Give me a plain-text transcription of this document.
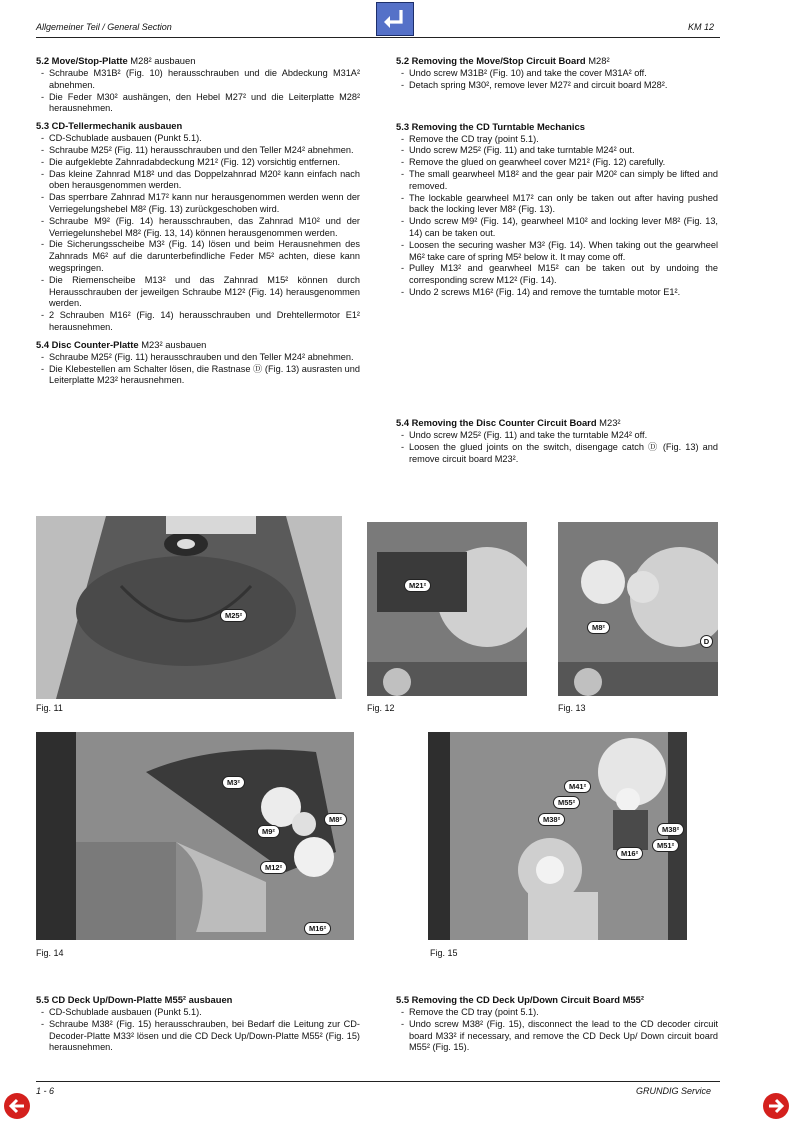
Allgemeiner Teil / General Section	KM 12
5.2 Move/Stop-Platte M28² ausbauen
- Schraube M31B² (Fig. 10) herausschrauben und die Abdeckung M31A² abnehmen.
- Die Feder M30² aushängen, den Hebel M27² und die Leiterplatte M28² herausnehmen.
5.3 CD-Tellermechanik ausbauen
- CD-Schublade ausbauen (Punkt 5.1).
- Schraube M25² (Fig. 11) herausschrauben und den Teller M24² abnehmen.
- Die aufgeklebte Zahnradabdeckung M21² (Fig. 12) vorsichtig entfernen.
- Das kleine Zahnrad M18² und das Doppelzahnrad M20² kann einfach nach oben herausgenommen werden.
- Das sperrbare Zahnrad M17² kann nur herausgenommen werden wenn der Verriegelungshebel M8² (Fig. 13) zurückgeschoben wird.
- Schraube M9² (Fig. 14) herausschrauben, das Zahnrad M10² und der Verriegelunshebel M8² (Fig. 13, 14) können herausgenommen werden.
- Die Sicherungsscheibe M3² (Fig. 14) lösen und beim Herausnehmen des Zahnrads M6² auf die darunterbefindliche Feder M5² achten, diese kann wegspringen.
- Die Riemenscheibe M13² und das Zahnrad M15² können durch Herausschrauben der jeweilgen Schraube M12² (Fig. 14) herausgenommen werden.
- 2 Schrauben M16² (Fig. 14) herausschrauben und Drehtellermotor E1² herausnehmen.
5.4 Disc Counter-Platte M23² ausbauen
- Schraube M25² (Fig. 11) herausschrauben und den Teller M24² abnehmen.
- Die Klebestellen am Schalter lösen, die Rastnase Ⓓ (Fig. 13) ausrasten und Leiterplatte M23² herausnehmen.
5.2 Removing the Move/Stop Circuit Board M28²
- Undo screw M31B² (Fig. 10) and take the cover M31A² off.
- Detach spring M30², remove lever M27² and circuit board M28².
5.3 Removing the CD Turntable Mechanics
- Remove the CD tray (point 5.1).
- Undo screw M25² (Fig. 11) and take turntable M24² out.
- Remove the glued on gearwheel cover M21² (Fig. 12) carefully.
- The small gearwheel M18² and the gear pair M20² can simply be lifted and removed.
- The lockable gearwheel M17² can only be taken out after having pushed back the locking lever M8² (Fig. 13).
- Undo screw M9² (Fig. 14), gearwheel M10² and locking lever M8² (Fig. 13, 14) can be taken out.
- Loosen the securing washer M3² (Fig. 14). When taking out the gearwheel M6² take care of spring M5² below it. It may come off.
- Pulley M13² and gearwheel M15² can be taken out by undoing the corresponding screw M12² (Fig. 14).
- Undo 2 screws M16² (Fig. 14) and remove the turntable motor E1².
5.4 Removing the Disc Counter Circuit Board M23²
- Undo screw M25² (Fig. 11) and take the turntable M24² off.
- Loosen the glued joints on the switch, disengage catch Ⓓ (Fig. 13) and remove circuit board M23².
M25²
Fig. 11
M21²
Fig. 12
M8²
D
Fig. 13
M3²
M8²
M9²
M12²
M16²
Fig. 14
M41²
M55²
M38²
M38²
M16²
M51²
Fig. 15
5.5 CD Deck Up/Down-Platte M55² ausbauen
- CD-Schublade ausbauen (Punkt 5.1).
- Schraube M38² (Fig. 15) herausschrauben, bei Bedarf die Leitung zur CD-Decoder-Platte M33² lösen und die CD Deck Up/Down-Platte M55² (Fig. 15) herausnehmen.
5.5 Removing the CD Deck Up/Down Circuit Board M55²
- Remove the CD tray (point 5.1).
- Undo screw M38² (Fig. 15), disconnect the lead to the CD decoder circuit board M33² if necessary, and remove the CD Deck Up/ Down circuit board M55² (Fig. 15).
1 - 6	GRUNDIG Service
